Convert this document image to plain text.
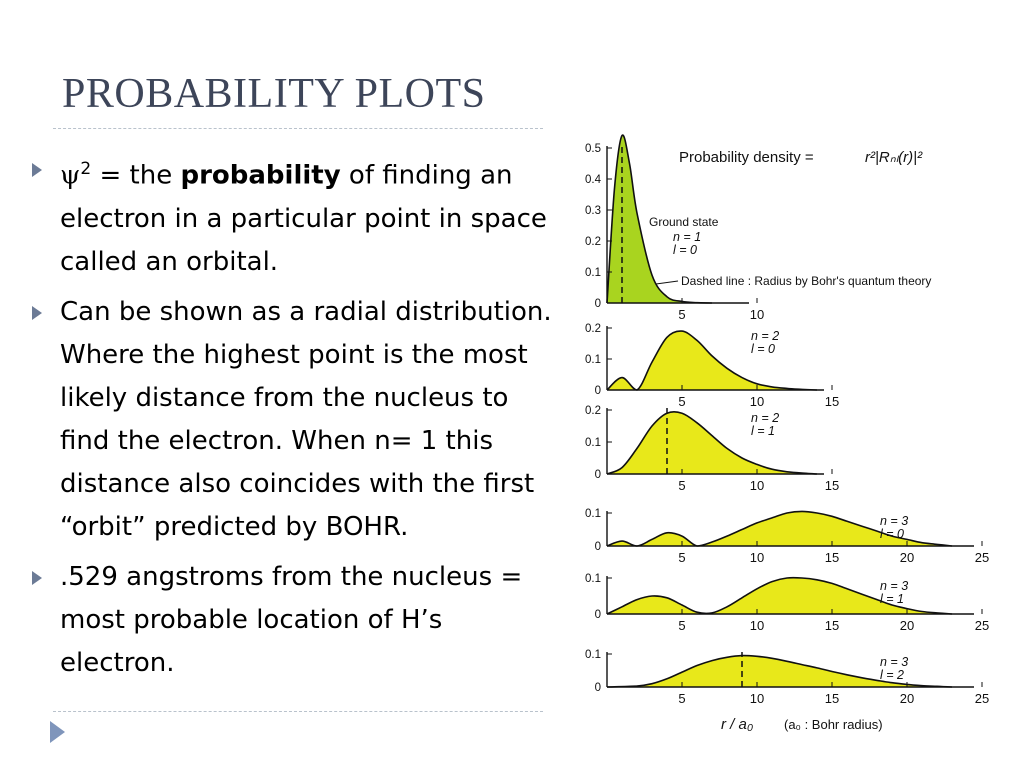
PROBABILITY PLOTS
$\psi^2$ = the probability of finding an electron in a particular point in space called an orbital.
Can be shown as a radial distribution. Where the highest point is the most likely distance from the nucleus to find the electron. When n= 1 this distance also coincides with the first “orbit” predicted by BOHR.
.529 angstroms from the nucleus = most probable location of H’s electron.
Probability density =	r²|Rₙₗ(r)|²
Ground state
Dashed line : Radius by Bohr's quantum theory
r / a₀ (a₀ : Bohr radius)
0.5
0.4
0.3
0.2
0.1
0
5	10
n = 1
l = 0
0.2
0.1
0
5	10	15
n = 2
l = 0
0.2
0.1
0
5	10	15
n = 2
l = 1
0.1
0
5	10	15	20	25
n = 3
l = 0
0.1
0
5	10	15	20	25
n = 3
l = 1
0.1
0
5	10	15	20	25
n = 3
l = 2
